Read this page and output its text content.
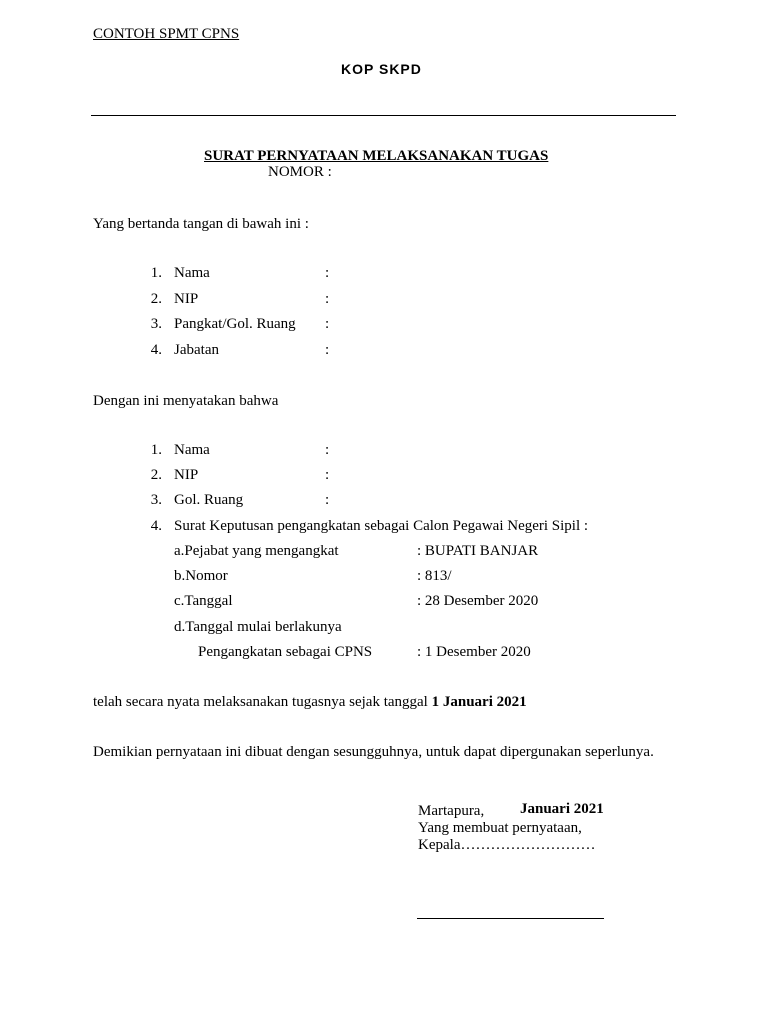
CONTOH SPMT CPNS
KOP SKPD
SURAT PERNYATAAN MELAKSANAKAN TUGAS
NOMOR :
Yang bertanda tangan di bawah ini :
1. Nama	:
2. NIP	:
3. Pangkat/Gol. Ruang :
4. Jabatan	:
Dengan ini menyatakan bahwa
1. Nama	:
2. NIP	:
3. Gol. Ruang	:
4. Surat Keputusan pengangkatan sebagai Calon Pegawai Negeri Sipil :
a.Pejabat yang mengangkat	: BUPATI BANJAR
b.Nomor	: 813/
c.Tanggal	: 28 Desember 2020
d.Tanggal mulai berlakunya
Pengangkatan sebagai CPNS	: 1 Desember 2020
telah secara nyata melaksanakan tugasnya sejak tanggal 1 Januari 2021
Demikian pernyataan ini dibuat dengan sesungguhnya, untuk dapat dipergunakan seperlunya.
Martapura, Januari 2021
Yang membuat pernyataan,
Kepala………………………
